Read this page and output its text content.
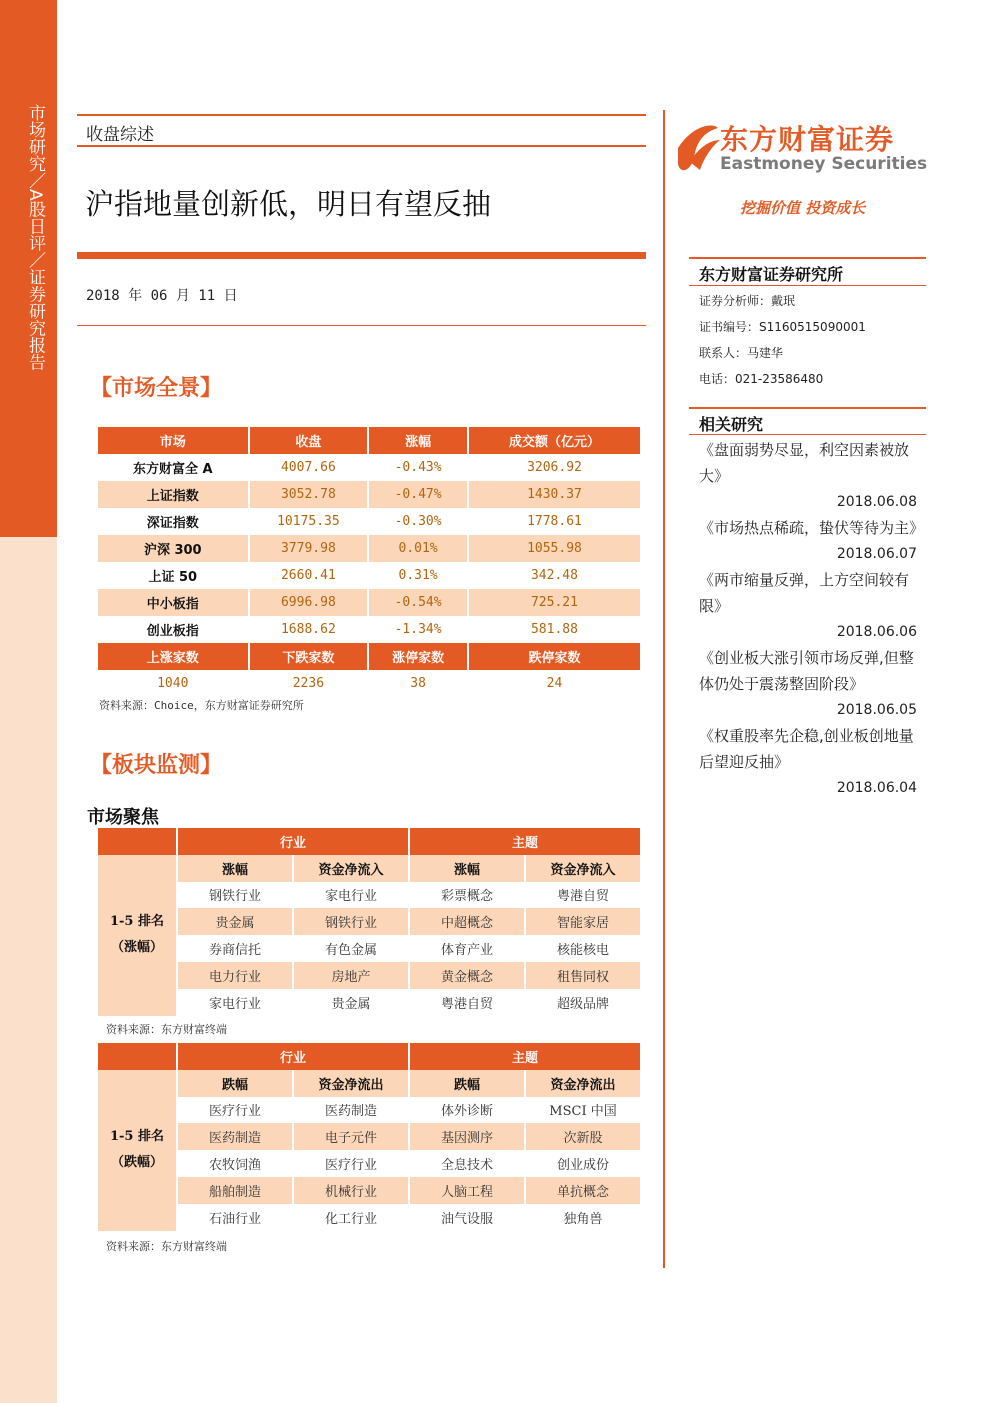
市场研究／A股日评／证券研究报告 收盘综述
沪指地量创新低，明日有望反抽
2018 年 06 月 11 日
【市场全景】
市场	收盘	涨幅	成交额（亿元）
东方财富全 A	4007.66	-0.43%	3206.92
上证指数	3052.78	-0.47%	1430.37
深证指数	10175.35	-0.30%	1778.61
沪深 300	3779.98	0.01%	1055.98
上证 50	2660.41	0.31%	342.48
中小板指	6996.98	-0.54%	725.21
创业板指	1688.62	-1.34%	581.88
上涨家数	下跌家数	涨停家数	跌停家数
1040	2236	38	24
资料来源：Choice，东方财富证券研究所
【板块监测】
市场聚焦
	行业		主题	

1-5 排名
（涨幅）	涨幅	资金净流入	涨幅	资金净流入
	钢铁行业	家电行业	彩票概念	粤港自贸
	贵金属	钢铁行业	中超概念	智能家居
	券商信托	有色金属	体育产业	核能核电
	电力行业	房地产	黄金概念	租售同权
	家电行业	贵金属	粤港自贸	超级品牌
资料来源：东方财富终端
	行业		主题	

1-5 排名
（跌幅）	跌幅	资金净流出	跌幅	资金净流出
	医疗行业	医药制造	体外诊断	MSCI 中国
	医药制造	电子元件	基因测序	次新股
	农牧饲渔	医疗行业	全息技术	创业成份
	船舶制造	机械行业	人脑工程	单抗概念
	石油行业	化工行业	油气设服	独角兽
资料来源：东方财富终端
东方财富证券
Eastmoney Securities
挖掘价值 投资成长
东方财富证券研究所
证券分析师：戴珉
证书编号：S1160515090001
联系人：马建华
电话：021-23586480
相关研究
《盘面弱势尽显，利空因素被放大》
2018.06.08
《市场热点稀疏，蛰伏等待为主》
2018.06.07
《两市缩量反弹，上方空间较有限》
2018.06.06
《创业板大涨引领市场反弹,但整体仍处于震荡整固阶段》
2018.06.05
《权重股率先企稳,创业板创地量后望迎反抽》
2018.06.04
